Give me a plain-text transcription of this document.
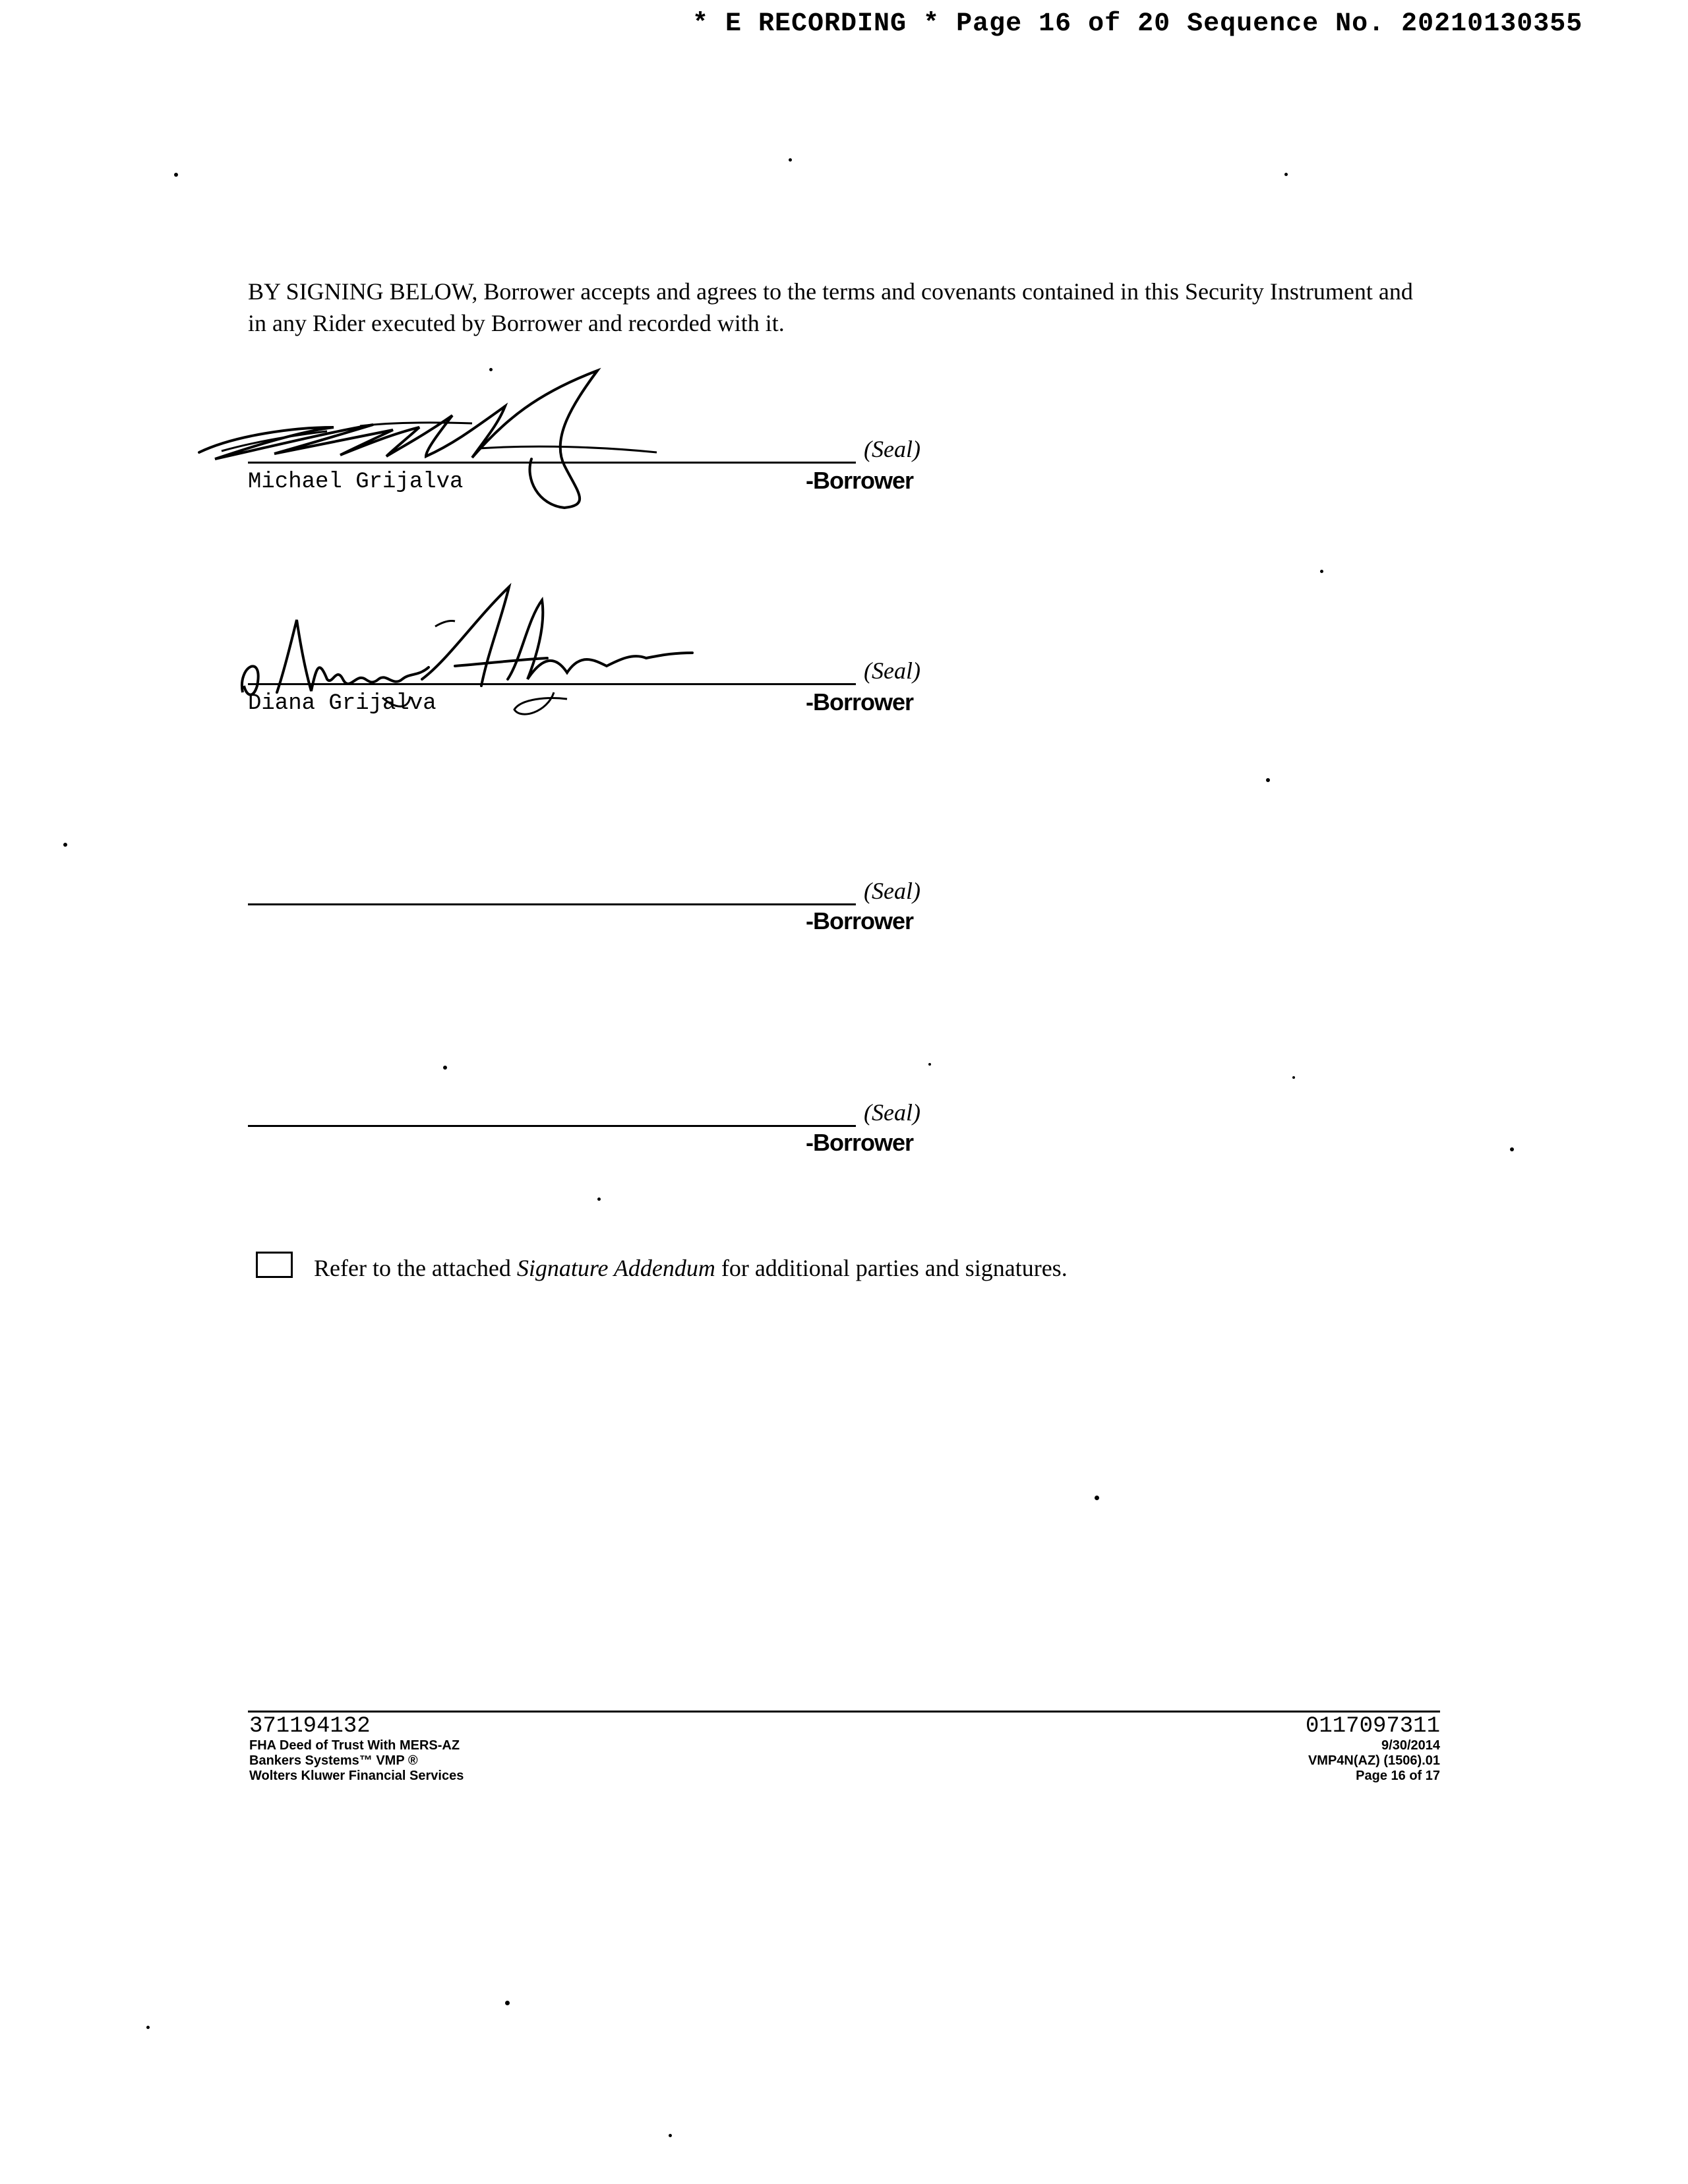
* E RECORDING * Page 16 of 20 Sequence No. 20210130355
BY SIGNING BELOW, Borrower accepts and agrees to the terms and covenants contained in this Security Instrument and in any Rider executed by Borrower and recorded with it.
(Seal)
Michael Grijalva	-Borrower
(Seal)
Diana Grijalva	-Borrower
(Seal)
-Borrower
(Seal)
-Borrower
Refer to the attached Signature Addendum for additional parties and signatures.
371194132
FHA Deed of Trust With MERS-AZ
Bankers Systems™ VMP ®
Wolters Kluwer Financial Services
0117097311
9/30/2014
VMP4N(AZ) (1506).01
Page 16 of 17
